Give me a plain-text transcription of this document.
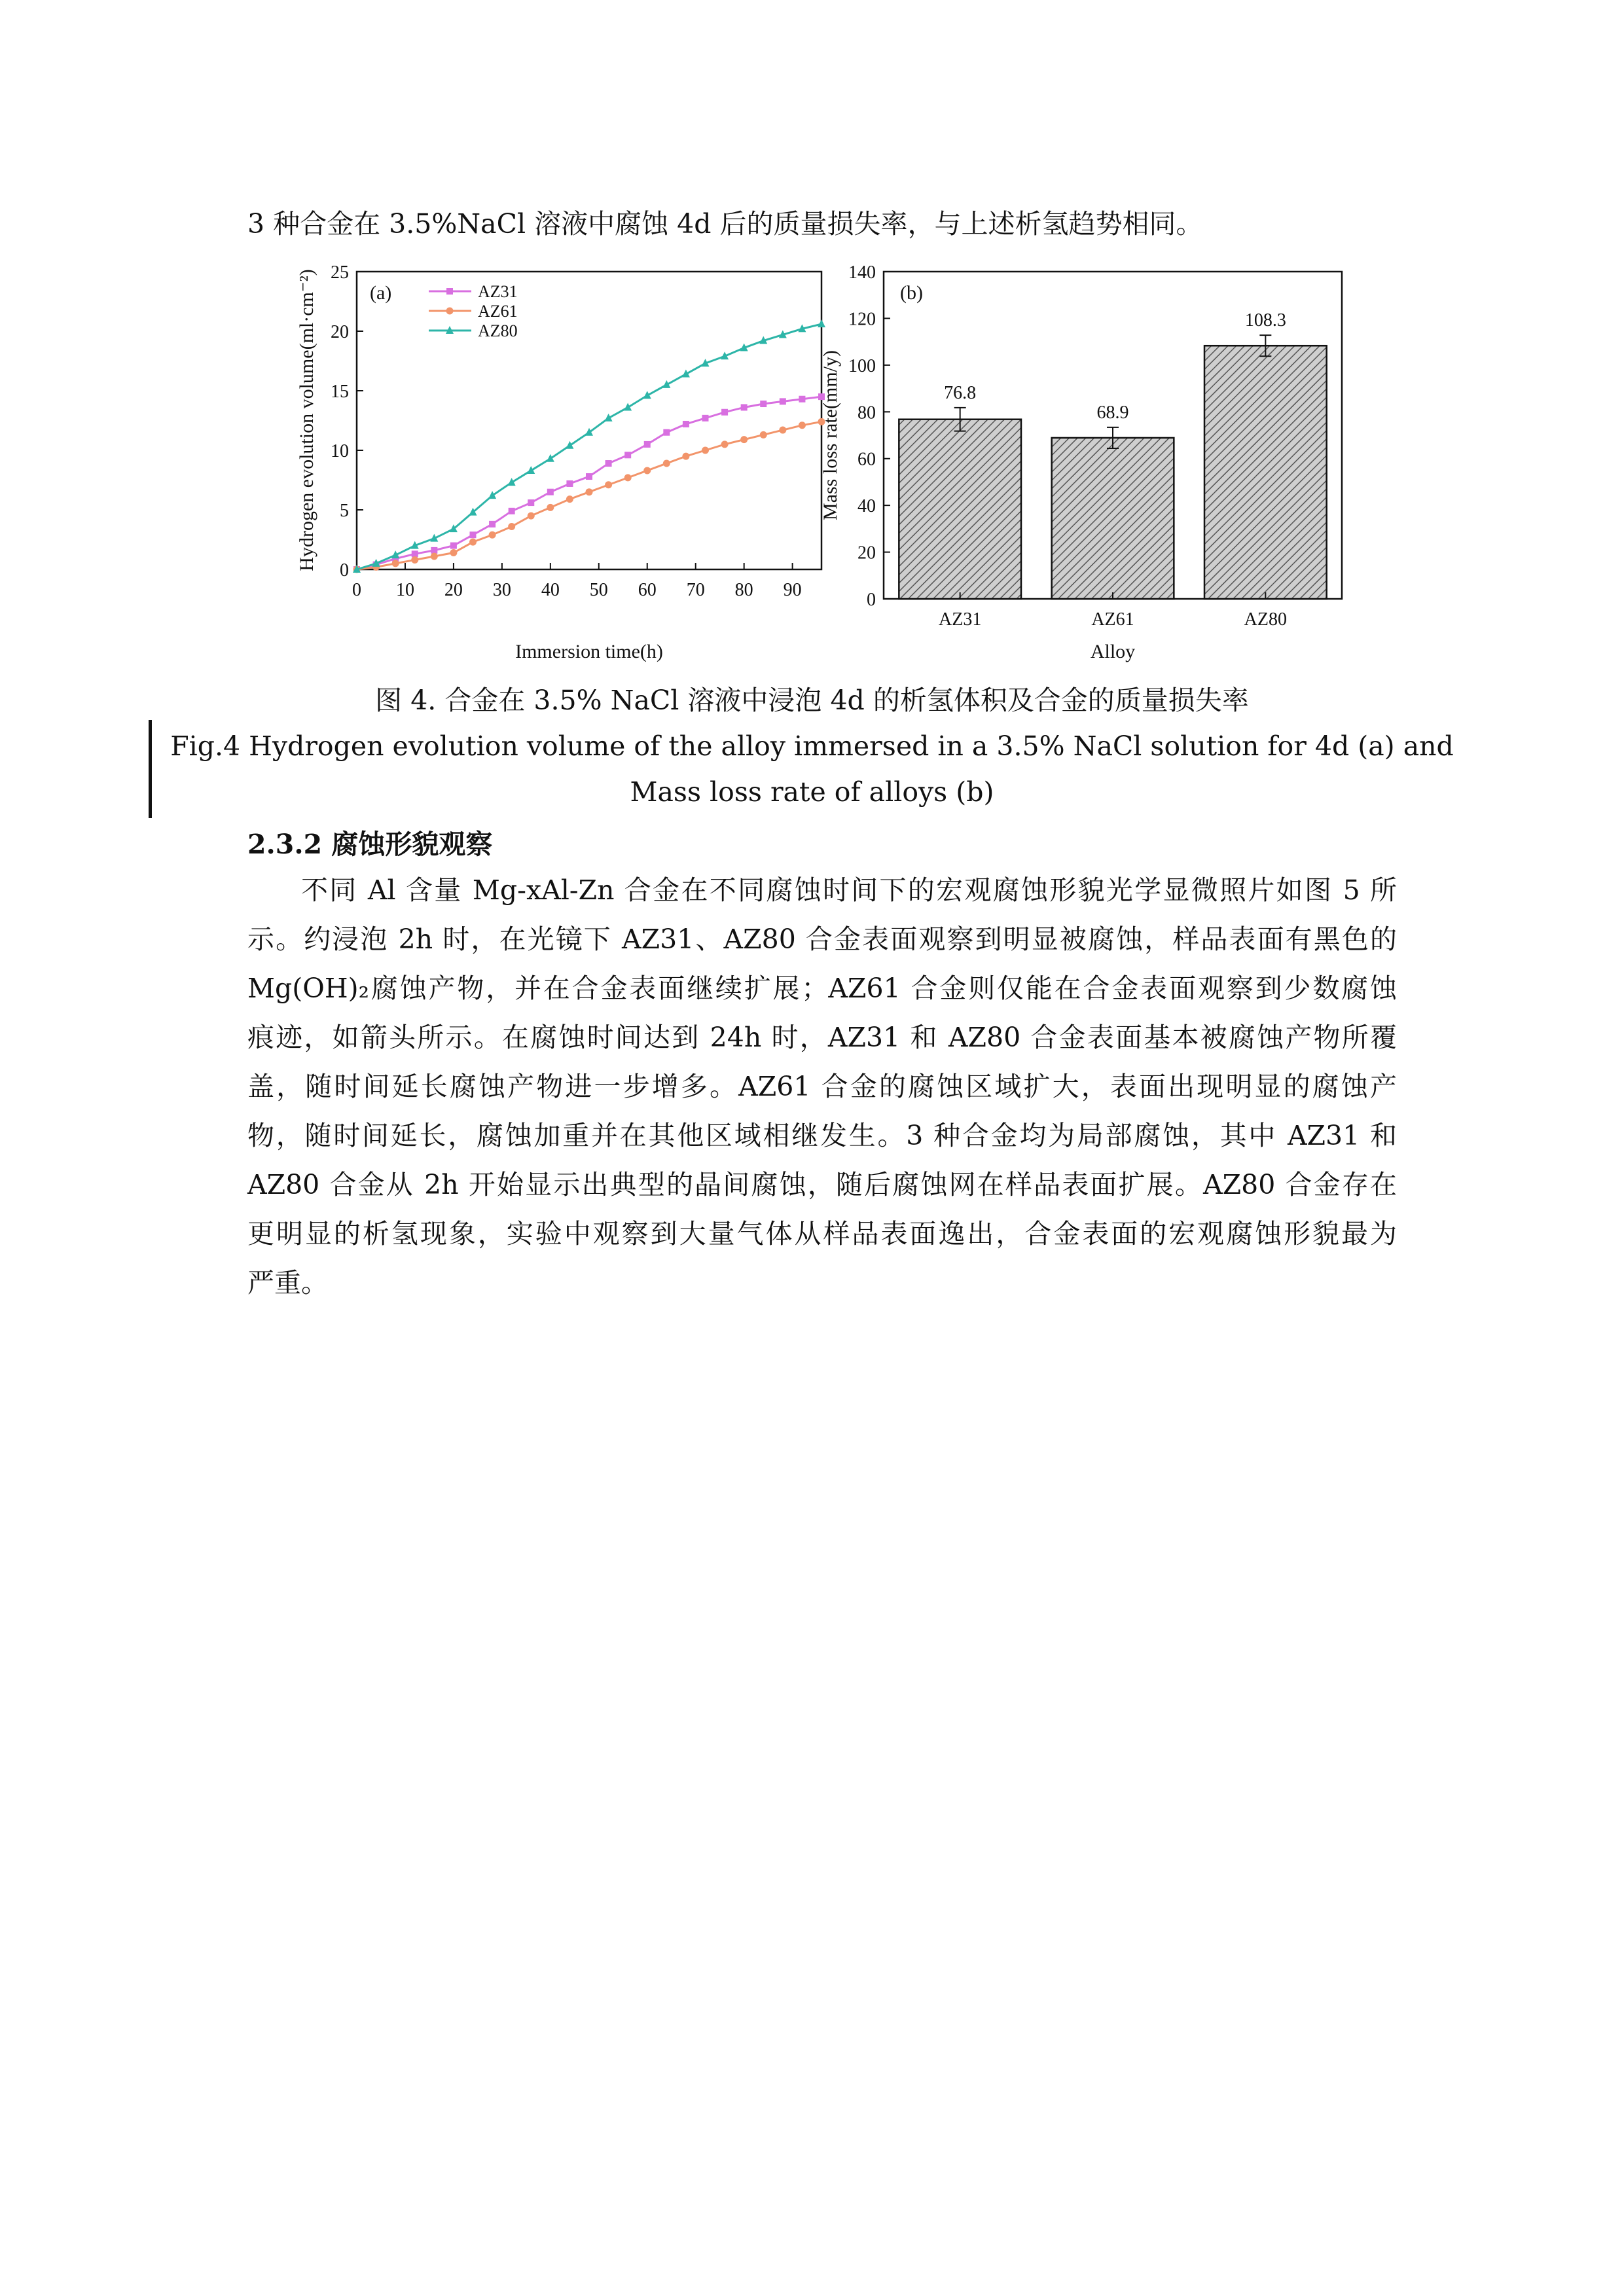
3 种合金在 3.5%NaCl 溶液中腐蚀 4d 后的质量损失率，与上述析氢趋势相同。
0
5
10
15
20
25
0 10 20 30 40 50 60 70 80 90
AZ31
AZ61
AZ80
(a)
Immersion time(h)
Hydrogen evolution volume(ml·cm⁻²)
0
20
40
60
80
100
120
140
76.8
AZ31
68.9
AZ61
108.3
AZ80
(b)
Alloy
Mass loss rate(mm/y)
图 4. 合金在 3.5% NaCl 溶液中浸泡 4d 的析氢体积及合金的质量损失率
Fig.4 Hydrogen evolution volume of the alloy immersed in a 3.5% NaCl solution for 4d (a) and
Mass loss rate of alloys (b)
2.3.2 腐蚀形貌观察
不同 Al 含量 Mg-xAl-Zn 合金在不同腐蚀时间下的宏观腐蚀形貌光学显微照片如图 5 所
示。约浸泡 2h 时，在光镜下 AZ31、AZ80 合金表面观察到明显被腐蚀，样品表面有黑色的
Mg(OH)₂腐蚀产物，并在合金表面继续扩展；AZ61 合金则仅能在合金表面观察到少数腐蚀
痕迹，如箭头所示。在腐蚀时间达到 24h 时，AZ31 和 AZ80 合金表面基本被腐蚀产物所覆
盖，随时间延长腐蚀产物进一步增多。AZ61 合金的腐蚀区域扩大，表面出现明显的腐蚀产
物，随时间延长，腐蚀加重并在其他区域相继发生。3 种合金均为局部腐蚀，其中 AZ31 和
AZ80 合金从 2h 开始显示出典型的晶间腐蚀，随后腐蚀网在样品表面扩展。AZ80 合金存在
更明显的析氢现象，实验中观察到大量气体从样品表面逸出，合金表面的宏观腐蚀形貌最为
严重。
